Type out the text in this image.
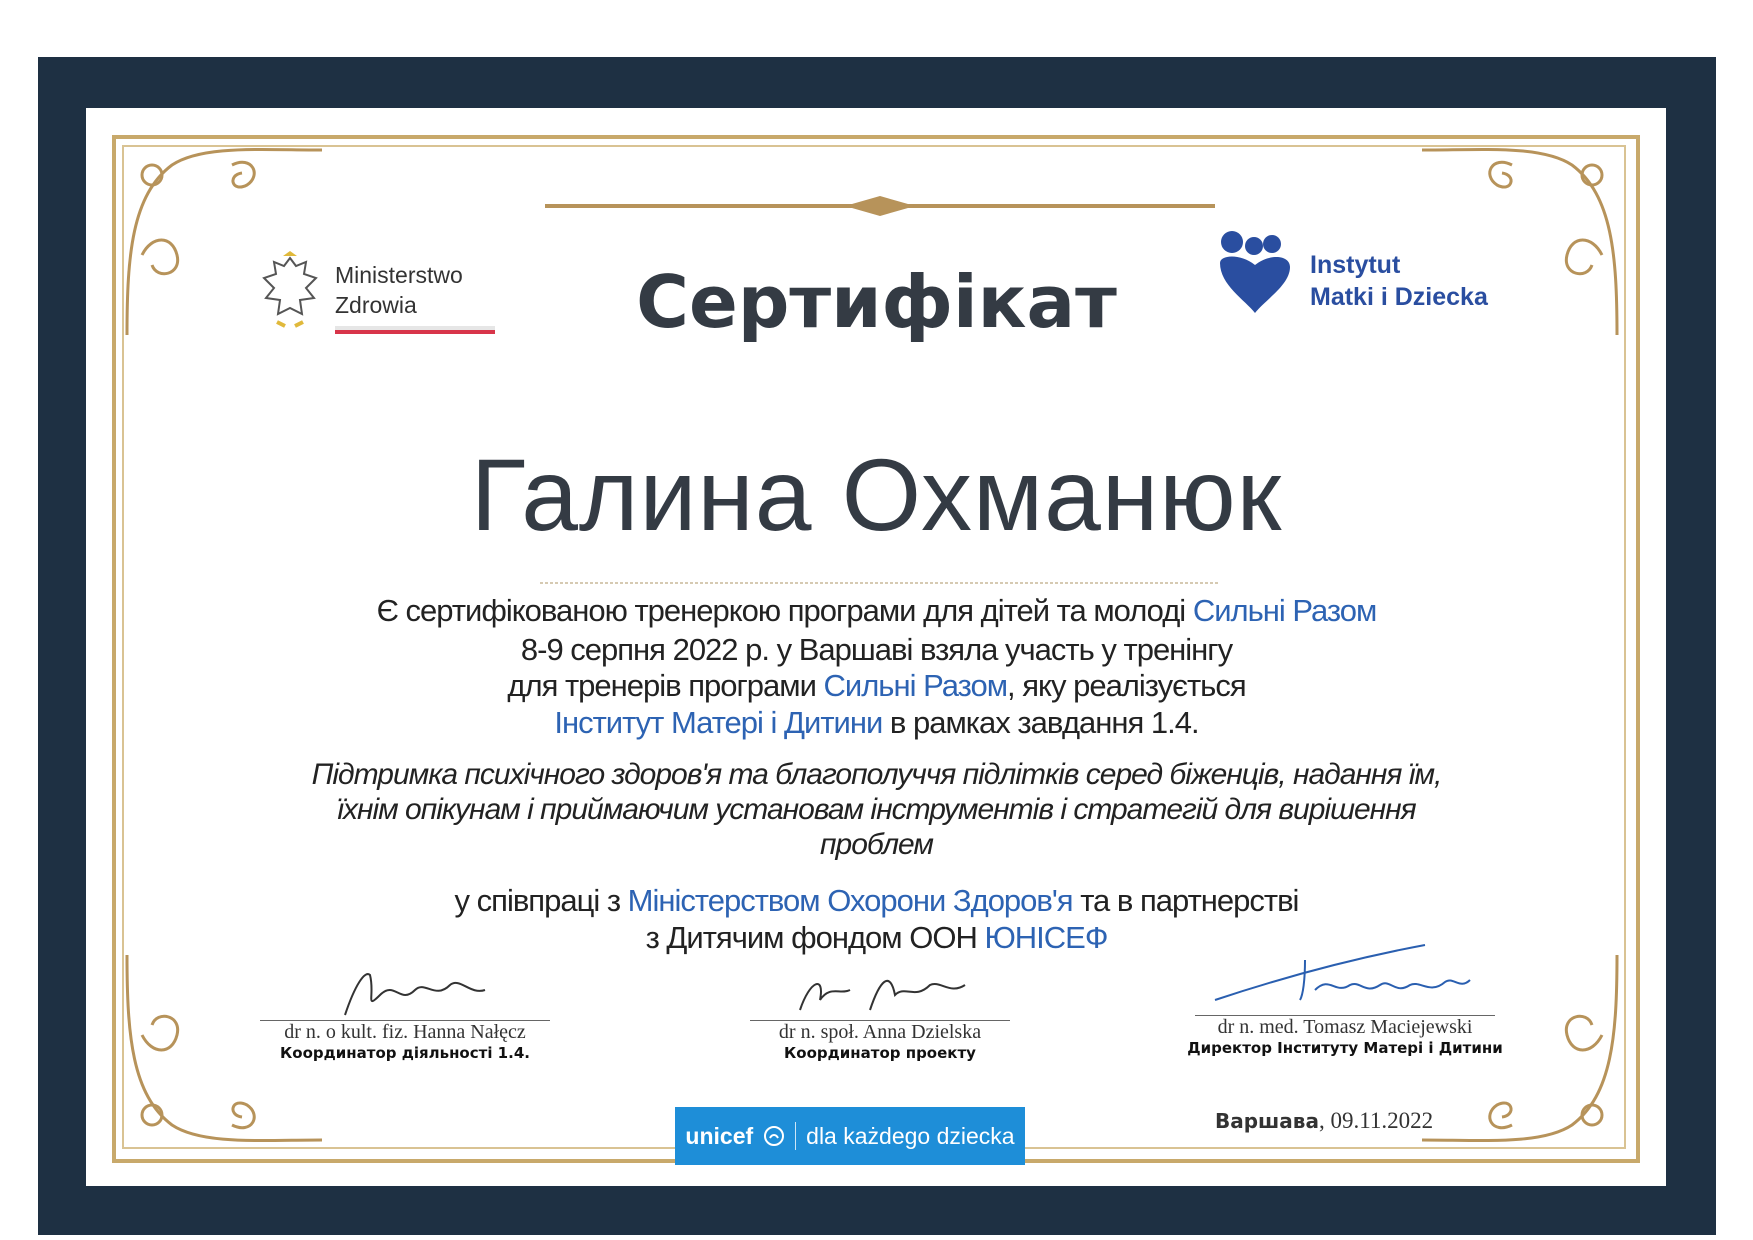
Ministerstwo
Zdrowia
Instytut
Matki i Dziecka
Сертифікат
Галина Охманюк
Є сертифікованою тренеркою програми для дітей та молоді Сильні Разом
8-9 серпня 2022 р. у Варшаві взяла участь у тренінгу
для тренерів програми Сильні Разом, яку реалізується
Інститут Матері і Дитини в рамках завдання 1.4.
Підтримка психічного здоров'я та благополуччя підлітків серед біженців, надання їм,
їхнім опікунам і приймаючим установам інструментів і стратегій для вирішення
проблем
у співпраці з Міністерством Охорони Здоров'я та в партнерстві
з Дитячим фондом ООН ЮНІСЕФ
dr n. o kult. fiz. Hanna Nałęcz
Координатор діяльності 1.4.
dr n. społ. Anna Dzielska
Координатор проекту
dr n. med. Tomasz Maciejewski
Директор Інституту Матері і Дитини
unicef dla każdego dziecka
Варшава, 09.11.2022
